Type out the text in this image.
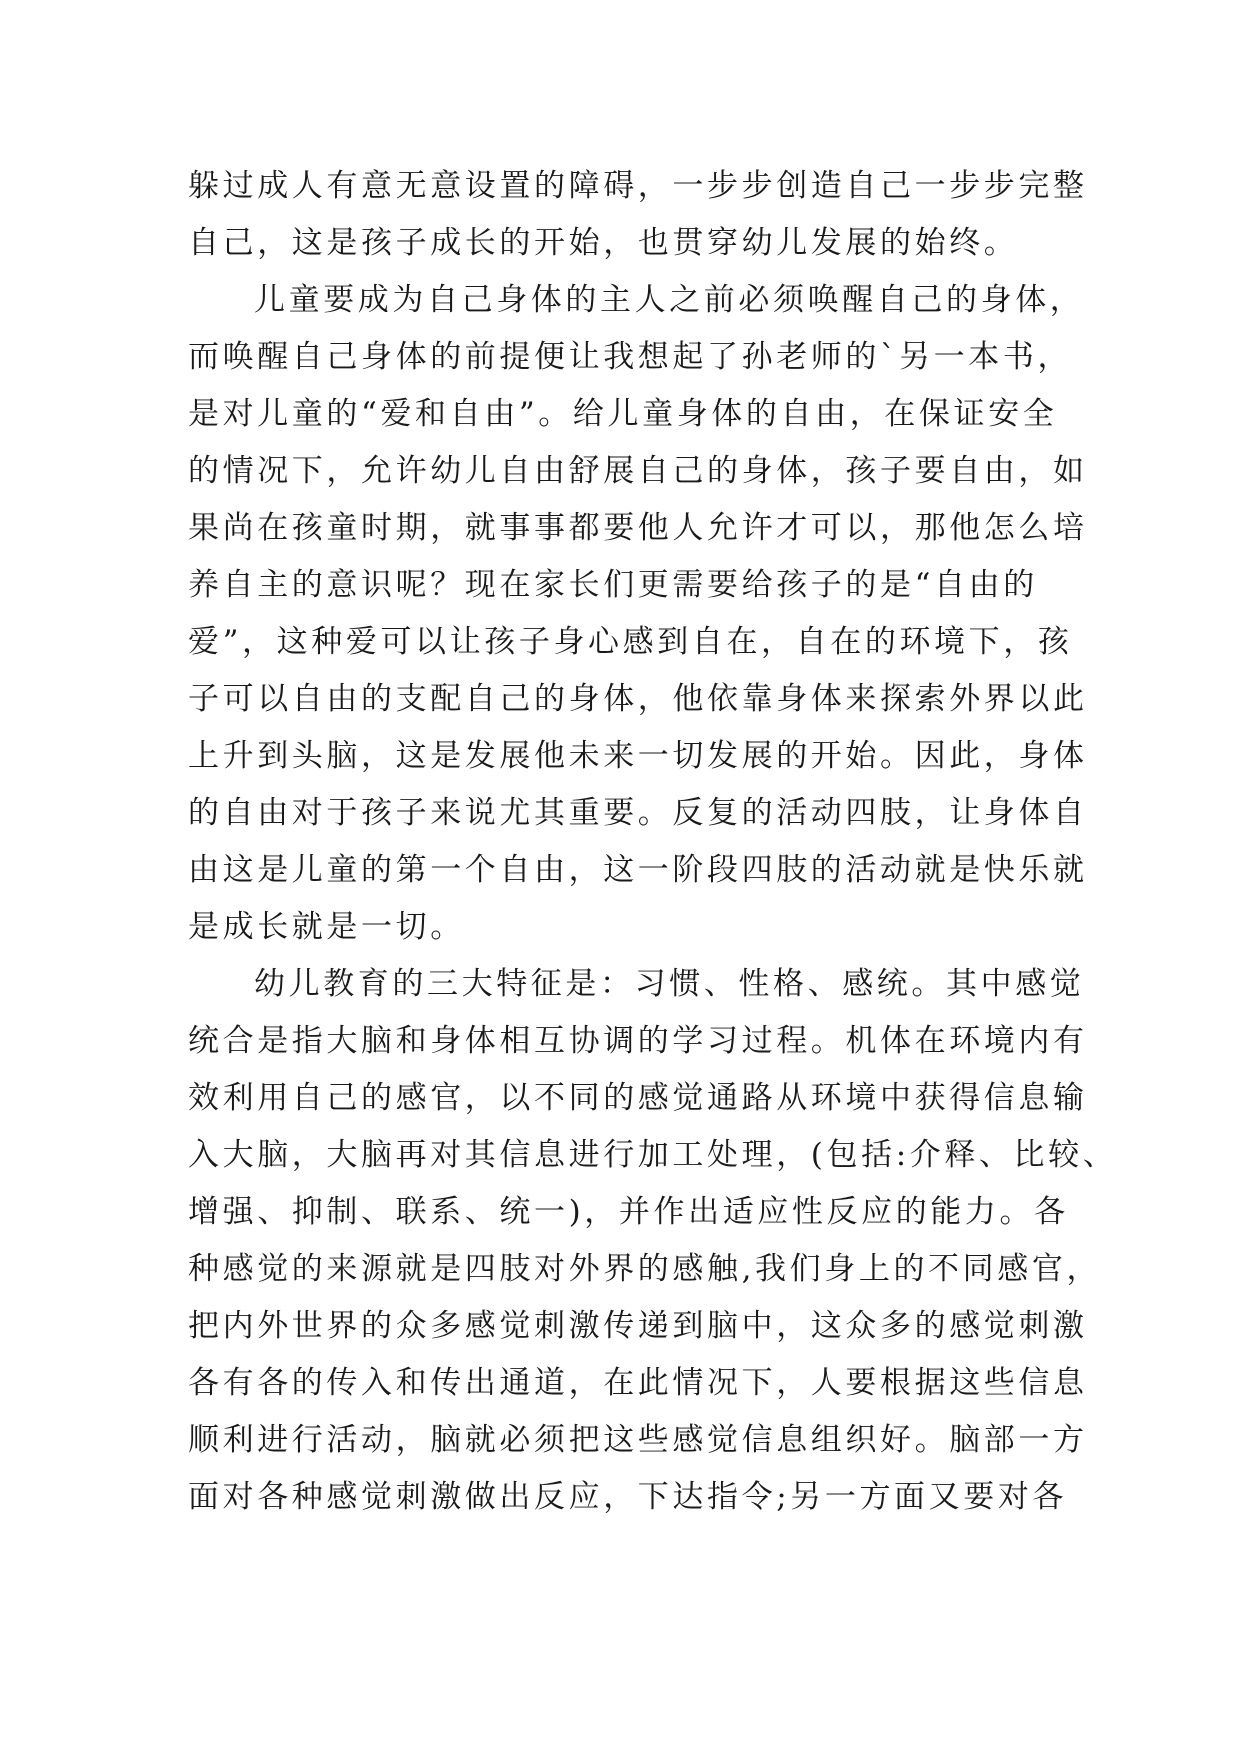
躲过成人有意无意设置的障碍，一步步创造自己一步步完整
自己，这是孩子成长的开始，也贯穿幼儿发展的始终。
儿童要成为自己身体的主人之前必须唤醒自己的身体，
而唤醒自己身体的前提便让我想起了孙老师的`另一本书，
是对儿童的“爱和自由”。给儿童身体的自由，在保证安全
的情况下，允许幼儿自由舒展自己的身体，孩子要自由，如
果尚在孩童时期，就事事都要他人允许才可以，那他怎么培
养自主的意识呢？现在家长们更需要给孩子的是“自由的
爱”，这种爱可以让孩子身心感到自在，自在的环境下，孩
子可以自由的支配自己的身体，他依靠身体来探索外界以此
上升到头脑，这是发展他未来一切发展的开始。因此，身体
的自由对于孩子来说尤其重要。反复的活动四肢，让身体自
由这是儿童的第一个自由，这一阶段四肢的活动就是快乐就
是成长就是一切。
幼儿教育的三大特征是：习惯、性格、感统。其中感觉
统合是指大脑和身体相互协调的学习过程。机体在环境内有
效利用自己的感官，以不同的感觉通路从环境中获得信息输
入大脑，大脑再对其信息进行加工处理，(包括:介释、比较、
增强、抑制、联系、统一)，并作出适应性反应的能力。各
种感觉的来源就是四肢对外界的感触,我们身上的不同感官，
把内外世界的众多感觉刺激传递到脑中，这众多的感觉刺激
各有各的传入和传出通道，在此情况下，人要根据这些信息
顺利进行活动，脑就必须把这些感觉信息组织好。脑部一方
面对各种感觉刺激做出反应，下达指令;另一方面又要对各
